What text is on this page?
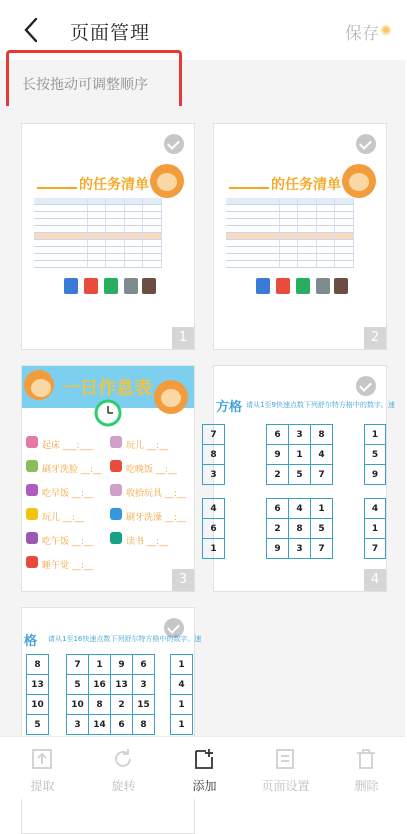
页面管理	保存
长按拖动可调整顺序
的任务清单
1
的任务清单
2
一日作息表
起床 ___:___
刷牙洗脸 __:__
吃早饭 __:__
玩儿 __:__
吃午饭 __:__
睡午觉 __:__
玩儿 __:__
吃晚饭 __:__
收拾玩具 __:__
刷牙洗澡 __:__
读书 __:__
3
方格 请从1至9快速点数下列舒尔特方格中的数字。速
7
8
3
6	3	8
9	1	4
2	5	7
1
5
9
4
6
1
6	4	1
2	8	5
9	3	7
4
1
7
4
格 请从1至16快速点数下列舒尔特方格中的数字。速
8
13
10
5
7	1	9	6
5	16	13	3
10	8	2	15
3	14	6	8
1
4
1
1
提取	旋转	添加	页面设置	删除
